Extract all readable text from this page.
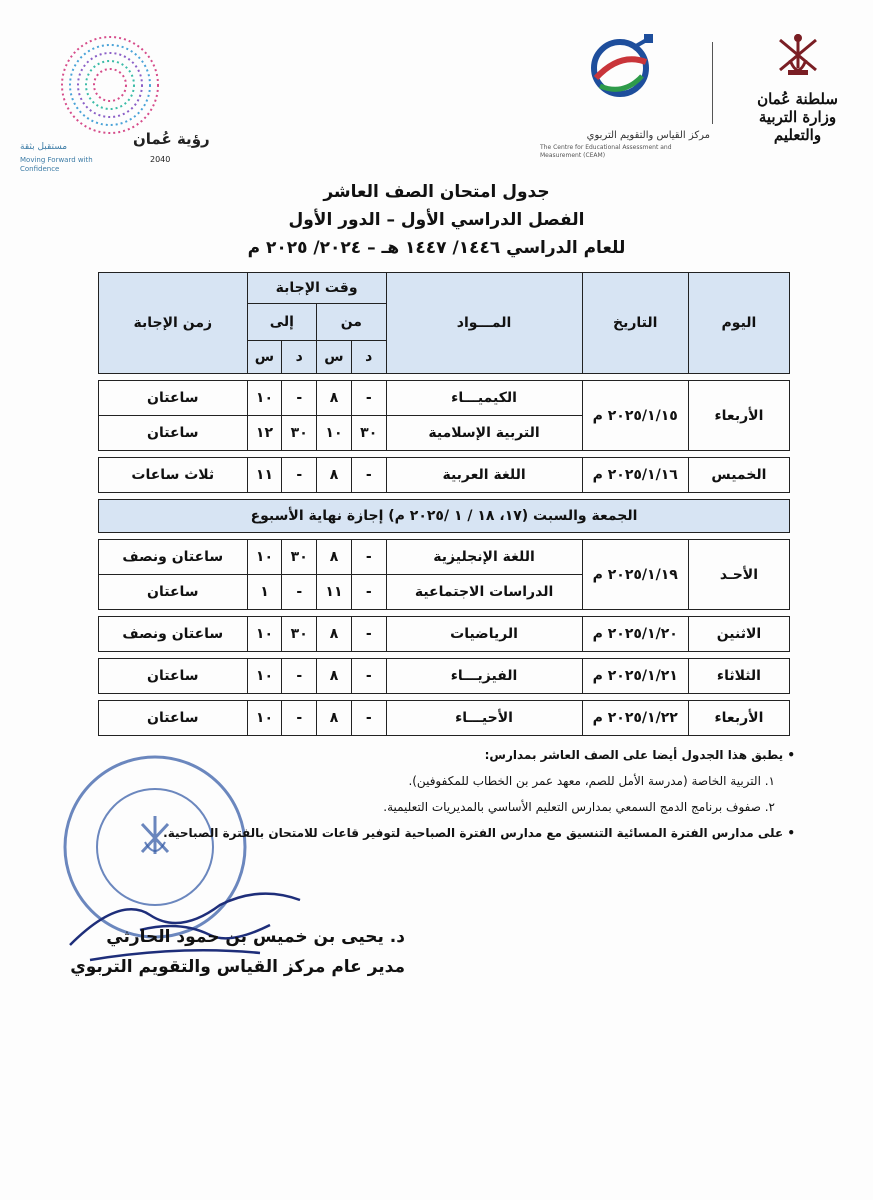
سلطنة عُمان
وزارة التربية والتعليم
مركز القياس والتقويم التربوي
The Centre for Educational Assessment and Measurement (CEAM)
رؤية عُمان
2040
مستقبل بثقة
Moving Forward with Confidence
جدول امتحان الصف العاشر
الفصل الدراسي الأول – الدور الأول
للعام الدراسي ١٤٤٦/ ١٤٤٧ هـ – ٢٠٢٤/ ٢٠٢٥ م
اليوم	التاريخ	المـــواد	وقت الإجابة				زمن الإجابة
			من		إلى		
			د	س	د	س	

الأربعاء	٢٠٢٥/١/١٥ م	الكيميـــاء	-	٨	-	١٠	ساعتان
		التربية الإسلامية	٣٠	١٠	٣٠	١٢	ساعتان

الخميس	٢٠٢٥/١/١٦ م	اللغة العربية	-	٨	-	١١	ثلاث ساعات

الجمعة والسبت (١٧، ١٨ / ١ /٢٠٢٥ م) إجازة نهاية الأسبوع							

الأحـد	٢٠٢٥/١/١٩ م	اللغة الإنجليزية	-	٨	٣٠	١٠	ساعتان ونصف
		الدراسات الاجتماعية	-	١١	-	١	ساعتان

الاثنين	٢٠٢٥/١/٢٠ م	الرياضيات	-	٨	٣٠	١٠	ساعتان ونصف

الثلاثاء	٢٠٢٥/١/٢١ م	الفيزيـــاء	-	٨	-	١٠	ساعتان

الأربعاء	٢٠٢٥/١/٢٢ م	الأحيـــاء	-	٨	-	١٠	ساعتان
• يطبق هذا الجدول أيضا على الصف العاشر بمدارس:
١. التربية الخاصة (مدرسة الأمل للصم، معهد عمر بن الخطاب للمكفوفين).
٢. صفوف برنامج الدمج السمعي بمدارس التعليم الأساسي بالمديريات التعليمية.
• على مدارس الفترة المسائية التنسيق مع مدارس الفترة الصباحية لتوفير قاعات للامتحان بالفترة الصباحية.
د. يحيى بن خميس بن حمود الحارثي
مدير عام مركز القياس والتقويم التربوي
